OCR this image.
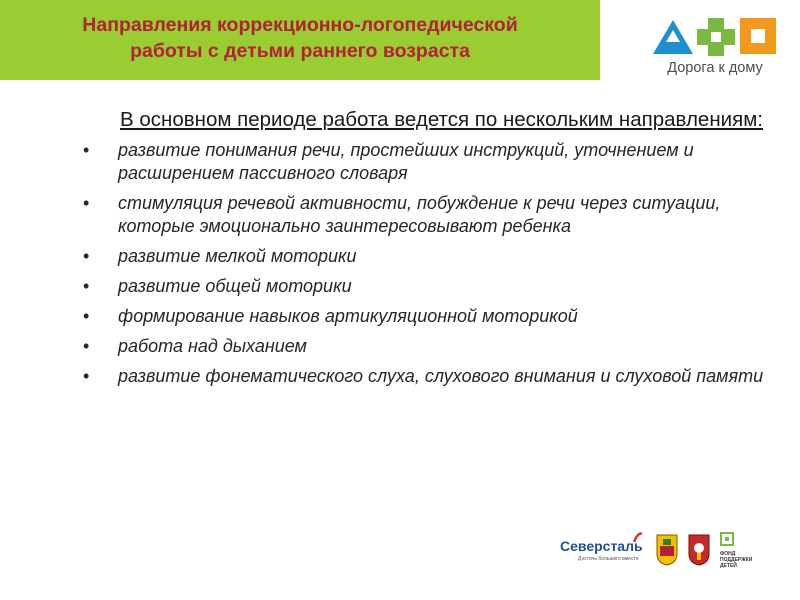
Направления коррекционно-логопедической
работы с детьми раннего возраста
Дорога к дому

В основном периоде работа ведется по нескольким направлениям:

• развитие понимания речи, простейших инструкций, уточнением и расширением пассивного словаря
• стимуляция речевой активности, побуждение к речи через ситуации, которые эмоционально заинтересовывают ребенка
• развитие мелкой моторики
• развитие общей моторики
• формирование навыков артикуляционной моторикой
• работа над дыханием
• развитие фонематического слуха, слухового внимания и слуховой памяти
Северсталь
Достичь большего вместе
ФОНД ПОДДЕРЖКИ ДЕТЕЙ
